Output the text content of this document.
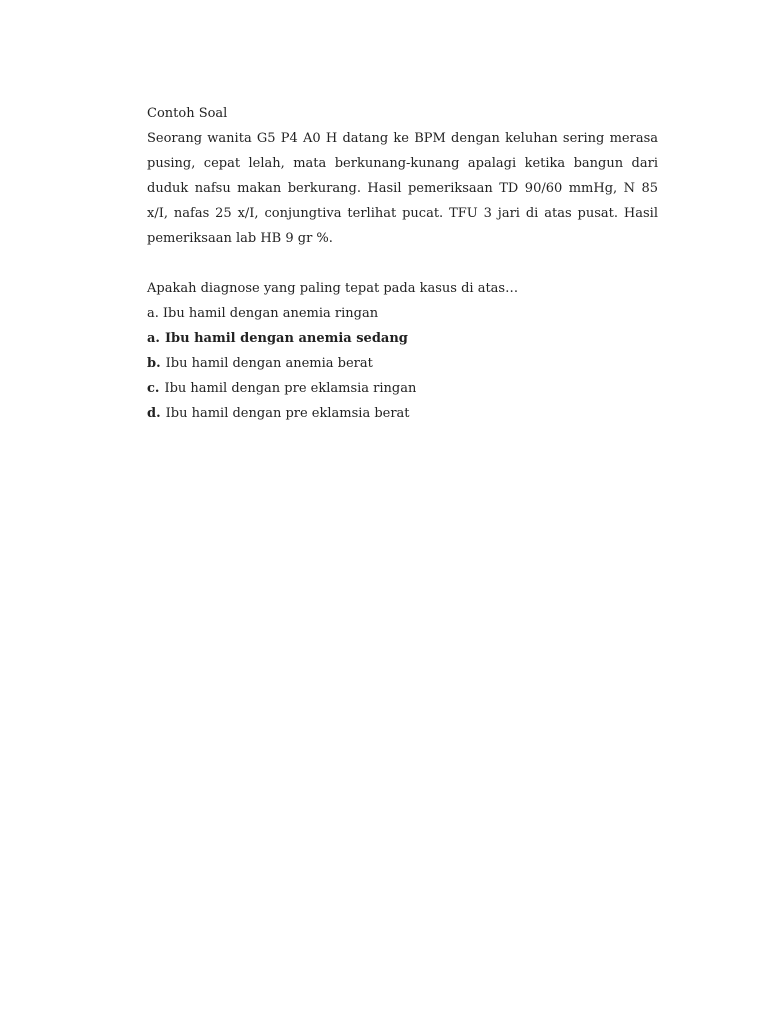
Contoh Soal

Seorang wanita G5 P4 A0 H datang ke BPM dengan keluhan sering merasa pusing, cepat lelah, mata berkunang-kunang apalagi ketika bangun dari duduk nafsu makan berkurang. Hasil pemeriksaan TD 90/60 mmHg, N 85 x/I, nafas 25 x/I, conjungtiva terlihat pucat. TFU 3 jari di atas pusat. Hasil pemeriksaan lab HB 9 gr %.

Apakah diagnose yang paling tepat pada kasus di atas…

a. Ibu hamil dengan anemia ringan

a. Ibu hamil dengan anemia sedang

b. Ibu hamil dengan anemia berat

c. Ibu hamil dengan pre eklamsia ringan

d. Ibu hamil dengan pre eklamsia berat
